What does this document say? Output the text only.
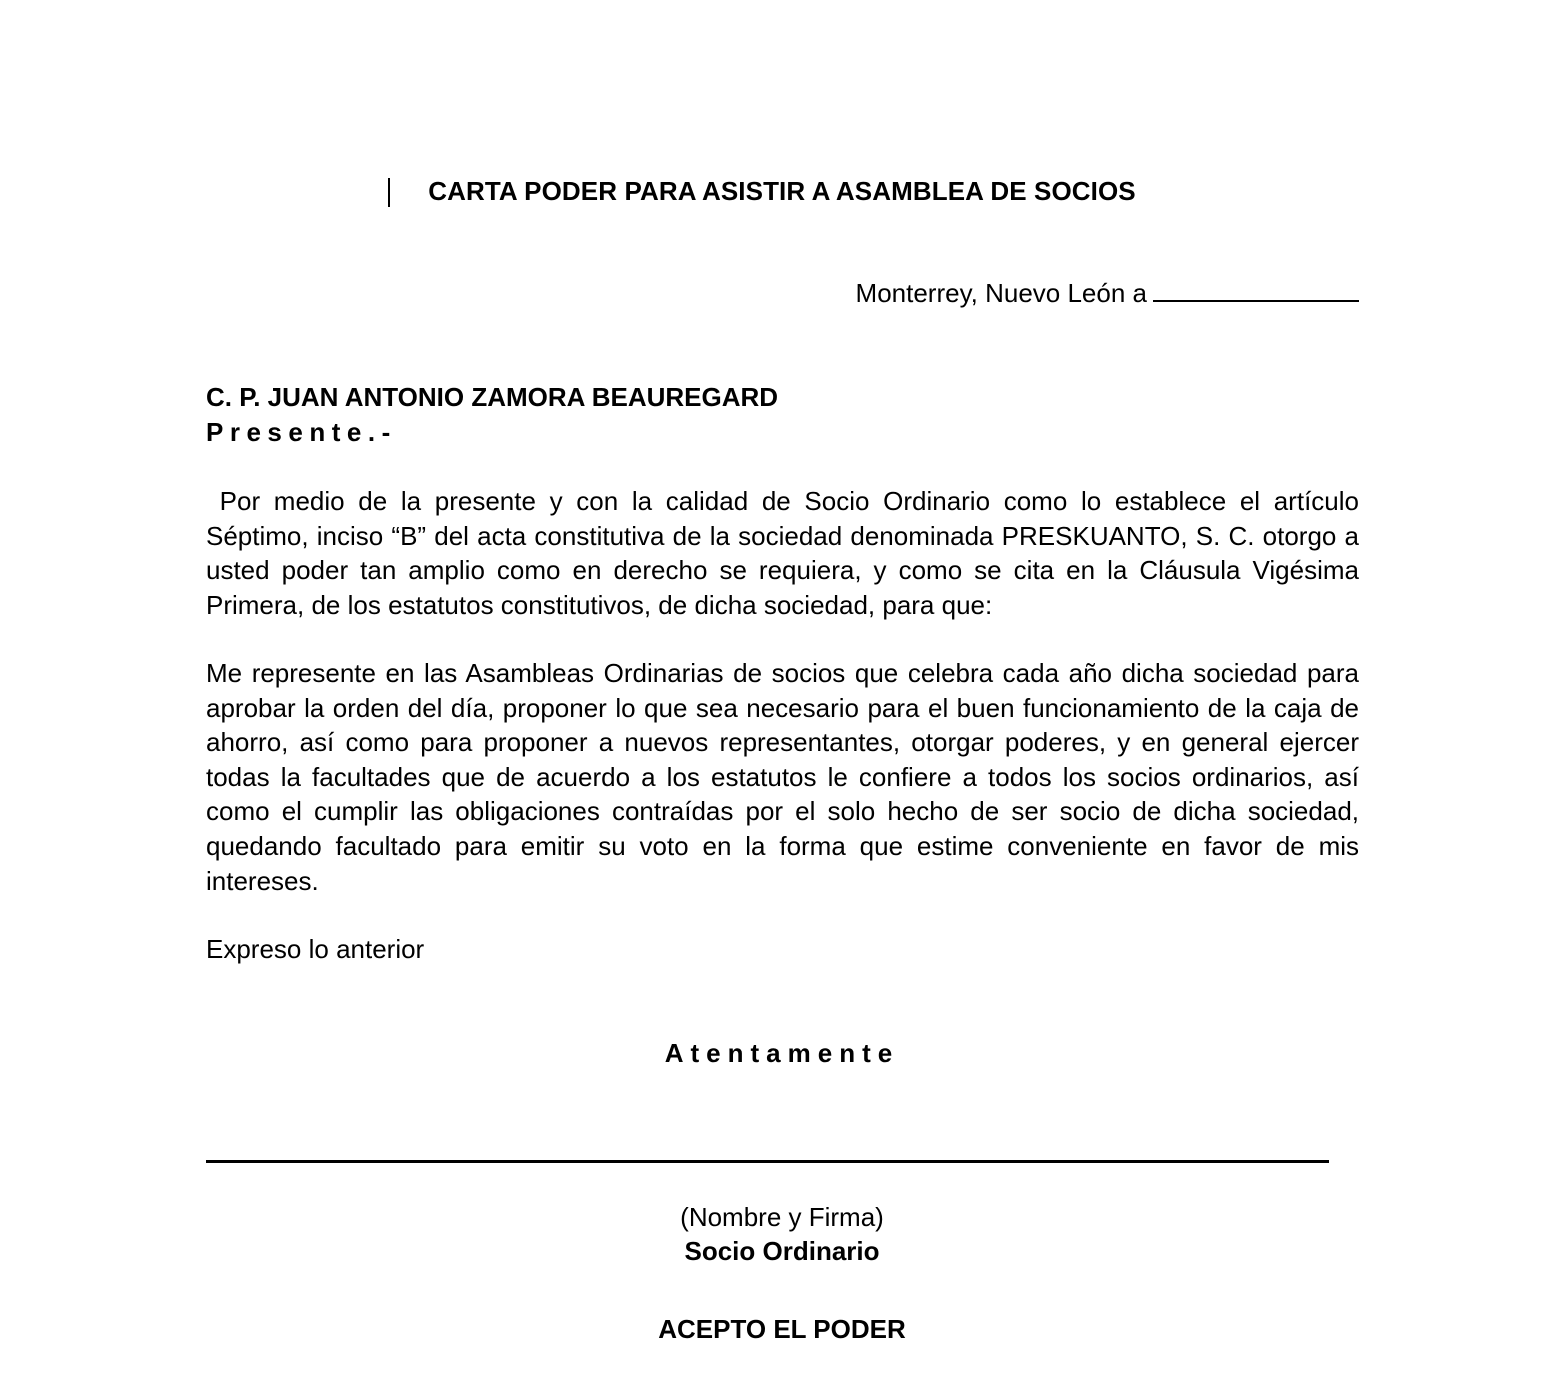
CARTA PODER PARA ASISTIR A ASAMBLEA DE SOCIOS
Monterrey, Nuevo León a
C. P. JUAN ANTONIO ZAMORA BEAUREGARD
Presente.-
Por medio de la presente y con la calidad de Socio Ordinario como lo establece el artículo Séptimo, inciso “B” del acta constitutiva de la sociedad denominada PRESKUANTO, S. C. otorgo a usted poder tan amplio como en derecho se requiera, y como se cita en la Cláusula Vigésima Primera, de los estatutos constitutivos, de dicha sociedad, para que:
Me represente en las Asambleas Ordinarias de socios que celebra cada año dicha sociedad para aprobar la orden del día, proponer lo que sea necesario para el buen funcionamiento de la caja de ahorro, así como para proponer a nuevos representantes, otorgar poderes, y en general ejercer todas la facultades que de acuerdo a los estatutos le confiere a todos los socios ordinarios, así como el cumplir las obligaciones contraídas por el solo hecho de ser socio de dicha sociedad, quedando facultado para emitir su voto en la forma que estime conveniente en favor de mis intereses.
Expreso lo anterior
Atentamente
(Nombre y Firma)
Socio Ordinario
ACEPTO EL PODER
